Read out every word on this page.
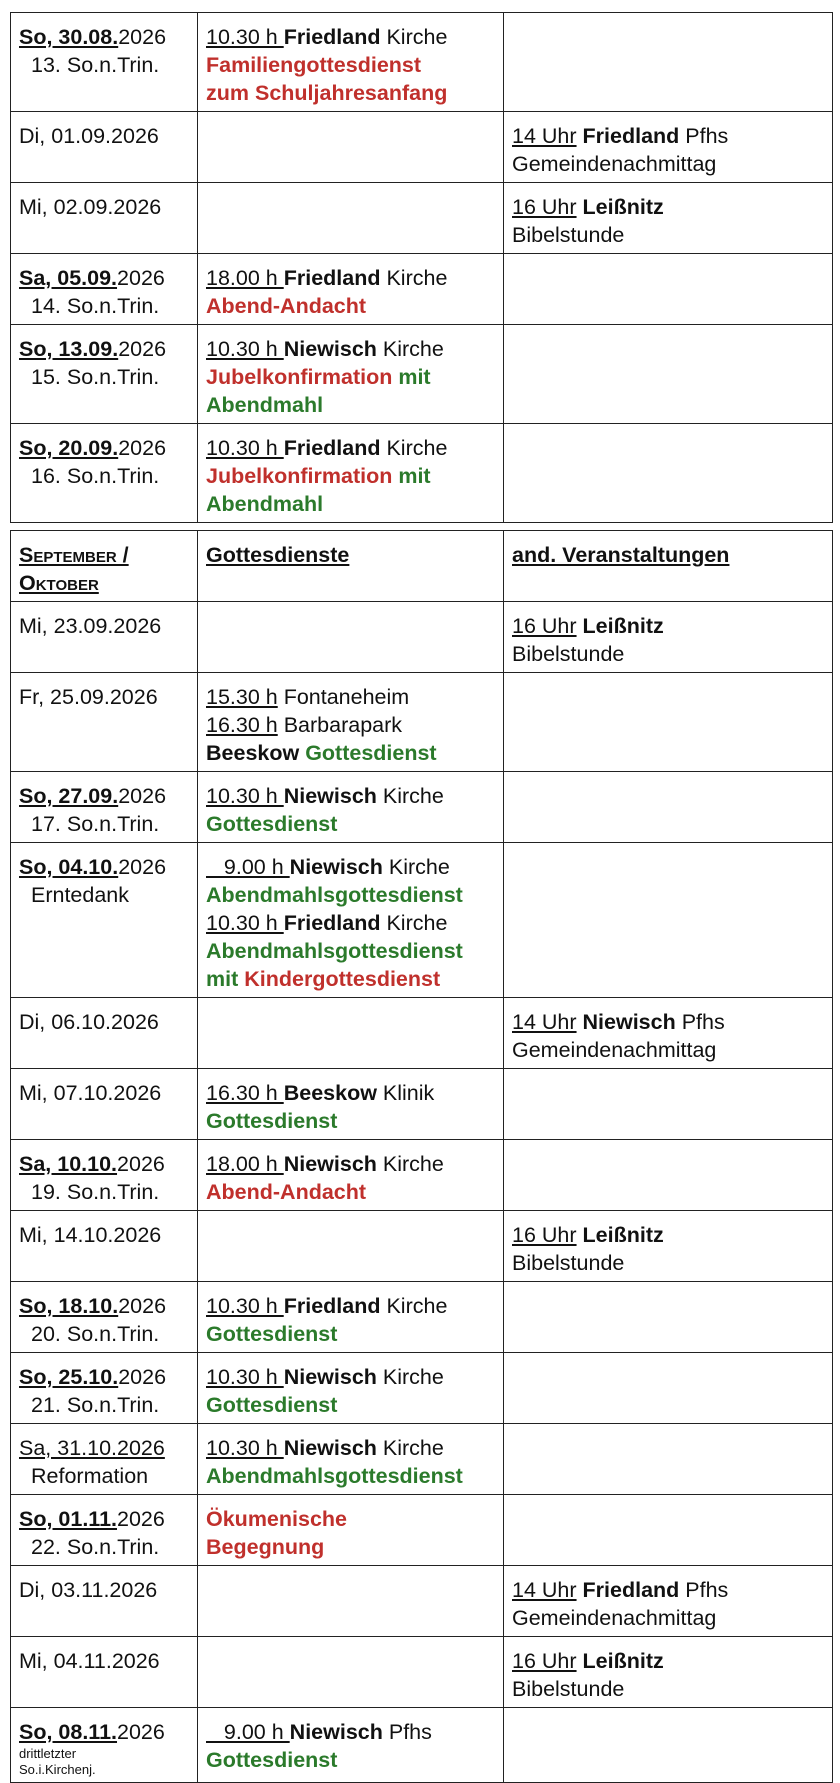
So, 30.08.2026
13. So.n.Trin.	10.30 h Friedland Kirche
Familiengottesdienst
zum Schuljahresanfang	

Di, 01.09.2026		14 Uhr Friedland Pfhs
Gemeindenachmittag

Mi, 02.09.2026		16 Uhr Leißnitz
Bibelstunde

Sa, 05.09.2026
14. So.n.Trin.	18.00 h Friedland Kirche
Abend-Andacht	

So, 13.09.2026
15. So.n.Trin.	10.30 h Niewisch Kirche
Jubelkonfirmation mit
Abendmahl	

So, 20.09.2026
16. So.n.Trin.	10.30 h Friedland Kirche
Jubelkonfirmation mit
Abendmahl	

September /
Oktober	Gottesdienste	and. Veranstaltungen

Mi, 23.09.2026		16 Uhr Leißnitz
Bibelstunde

Fr, 25.09.2026	15.30 h Fontaneheim
16.30 h Barbarapark
Beeskow Gottesdienst	

So, 27.09.2026
17. So.n.Trin.	10.30 h Niewisch Kirche
Gottesdienst	

So, 04.10.2026
Erntedank	9.00 h Niewisch Kirche
Abendmahlsgottesdienst
10.30 h Friedland Kirche
Abendmahlsgottesdienst
mit Kindergottesdienst	

Di, 06.10.2026		14 Uhr Niewisch Pfhs
Gemeindenachmittag

Mi, 07.10.2026	16.30 h Beeskow Klinik
Gottesdienst	

Sa, 10.10.2026
19. So.n.Trin.	18.00 h Niewisch Kirche
Abend-Andacht	

Mi, 14.10.2026		16 Uhr Leißnitz
Bibelstunde

So, 18.10.2026
20. So.n.Trin.	10.30 h Friedland Kirche
Gottesdienst	

So, 25.10.2026
21. So.n.Trin.	10.30 h Niewisch Kirche
Gottesdienst	

Sa, 31.10.2026
Reformation	10.30 h Niewisch Kirche
Abendmahlsgottesdienst	

So, 01.11.2026
22. So.n.Trin.	Ökumenische
Begegnung	

Di, 03.11.2026		14 Uhr Friedland Pfhs
Gemeindenachmittag

Mi, 04.11.2026		16 Uhr Leißnitz
Bibelstunde

So, 08.11.2026
drittletzter
So.i.Kirchenj.	9.00 h Niewisch Pfhs
Gottesdienst	
